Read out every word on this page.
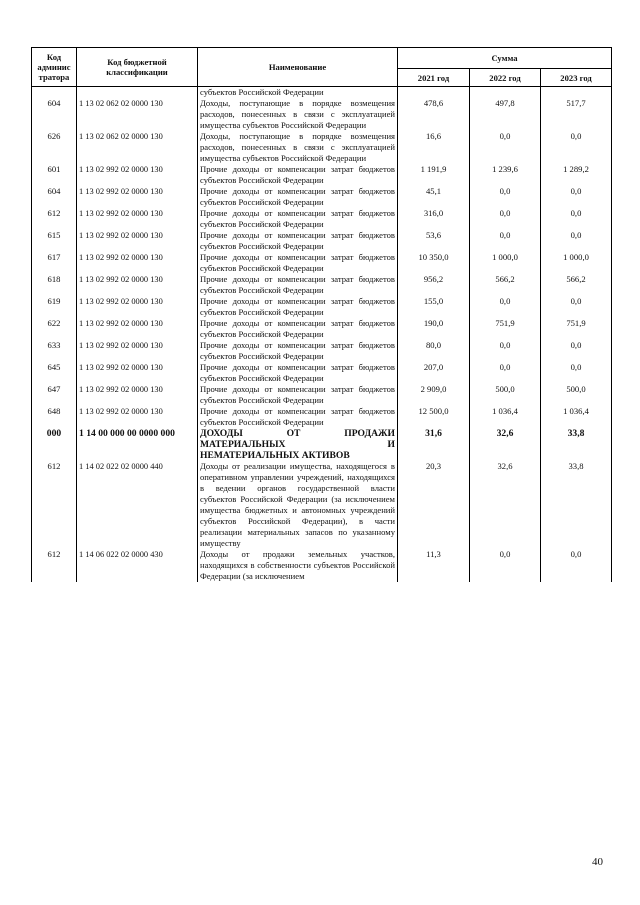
Код админис тратора	Код бюджетной классификации	Наименование	Сумма		
			2021 год	2022 год	2023 год
		субъектов Российской Федерации			
604	1 13 02 062 02 0000 130	Доходы, поступающие в порядке возмещения расходов, понесенных в связи с эксплуатацией имущества субъектов Российской Федерации	478,6	497,8	517,7
626	1 13 02 062 02 0000 130	Доходы, поступающие в порядке возмещения расходов, понесенных в связи с эксплуатацией имущества субъектов Российской Федерации	16,6	0,0	0,0
601	1 13 02 992 02 0000 130	Прочие доходы от компенсации затрат бюджетов субъектов Российской Федерации	1 191,9	1 239,6	1 289,2
604	1 13 02 992 02 0000 130	Прочие доходы от компенсации затрат бюджетов субъектов Российской Федерации	45,1	0,0	0,0
612	1 13 02 992 02 0000 130	Прочие доходы от компенсации затрат бюджетов субъектов Российской Федерации	316,0	0,0	0,0
615	1 13 02 992 02 0000 130	Прочие доходы от компенсации затрат бюджетов субъектов Российской Федерации	53,6	0,0	0,0
617	1 13 02 992 02 0000 130	Прочие доходы от компенсации затрат бюджетов субъектов Российской Федерации	10 350,0	1 000,0	1 000,0
618	1 13 02 992 02 0000 130	Прочие доходы от компенсации затрат бюджетов субъектов Российской Федерации	956,2	566,2	566,2
619	1 13 02 992 02 0000 130	Прочие доходы от компенсации затрат бюджетов субъектов Российской Федерации	155,0	0,0	0,0
622	1 13 02 992 02 0000 130	Прочие доходы от компенсации затрат бюджетов субъектов Российской Федерации	190,0	751,9	751,9
633	1 13 02 992 02 0000 130	Прочие доходы от компенсации затрат бюджетов субъектов Российской Федерации	80,0	0,0	0,0
645	1 13 02 992 02 0000 130	Прочие доходы от компенсации затрат бюджетов субъектов Российской Федерации	207,0	0,0	0,0
647	1 13 02 992 02 0000 130	Прочие доходы от компенсации затрат бюджетов субъектов Российской Федерации	2 909,0	500,0	500,0
648	1 13 02 992 02 0000 130	Прочие доходы от компенсации затрат бюджетов субъектов Российской Федерации	12 500,0	1 036,4	1 036,4
000	1 14 00 000 00 0000 000	ДОХОДЫ ОТ ПРОДАЖИ МАТЕРИАЛЬНЫХ И НЕМАТЕРИАЛЬНЫХ АКТИВОВ	31,6	32,6	33,8
612	1 14 02 022 02 0000 440	Доходы от реализации имущества, находящегося в оперативном управлении учреждений, находящихся в ведении органов государственной власти субъектов Российской Федерации (за исключением имущества бюджетных и автономных учреждений субъектов Российской Федерации), в части реализации материальных запасов по указанному имуществу	20,3	32,6	33,8
612	1 14 06 022 02 0000 430	Доходы от продажи земельных участков, находящихся в собственности субъектов Российской Федерации (за исключением	11,3	0,0	0,0
40
